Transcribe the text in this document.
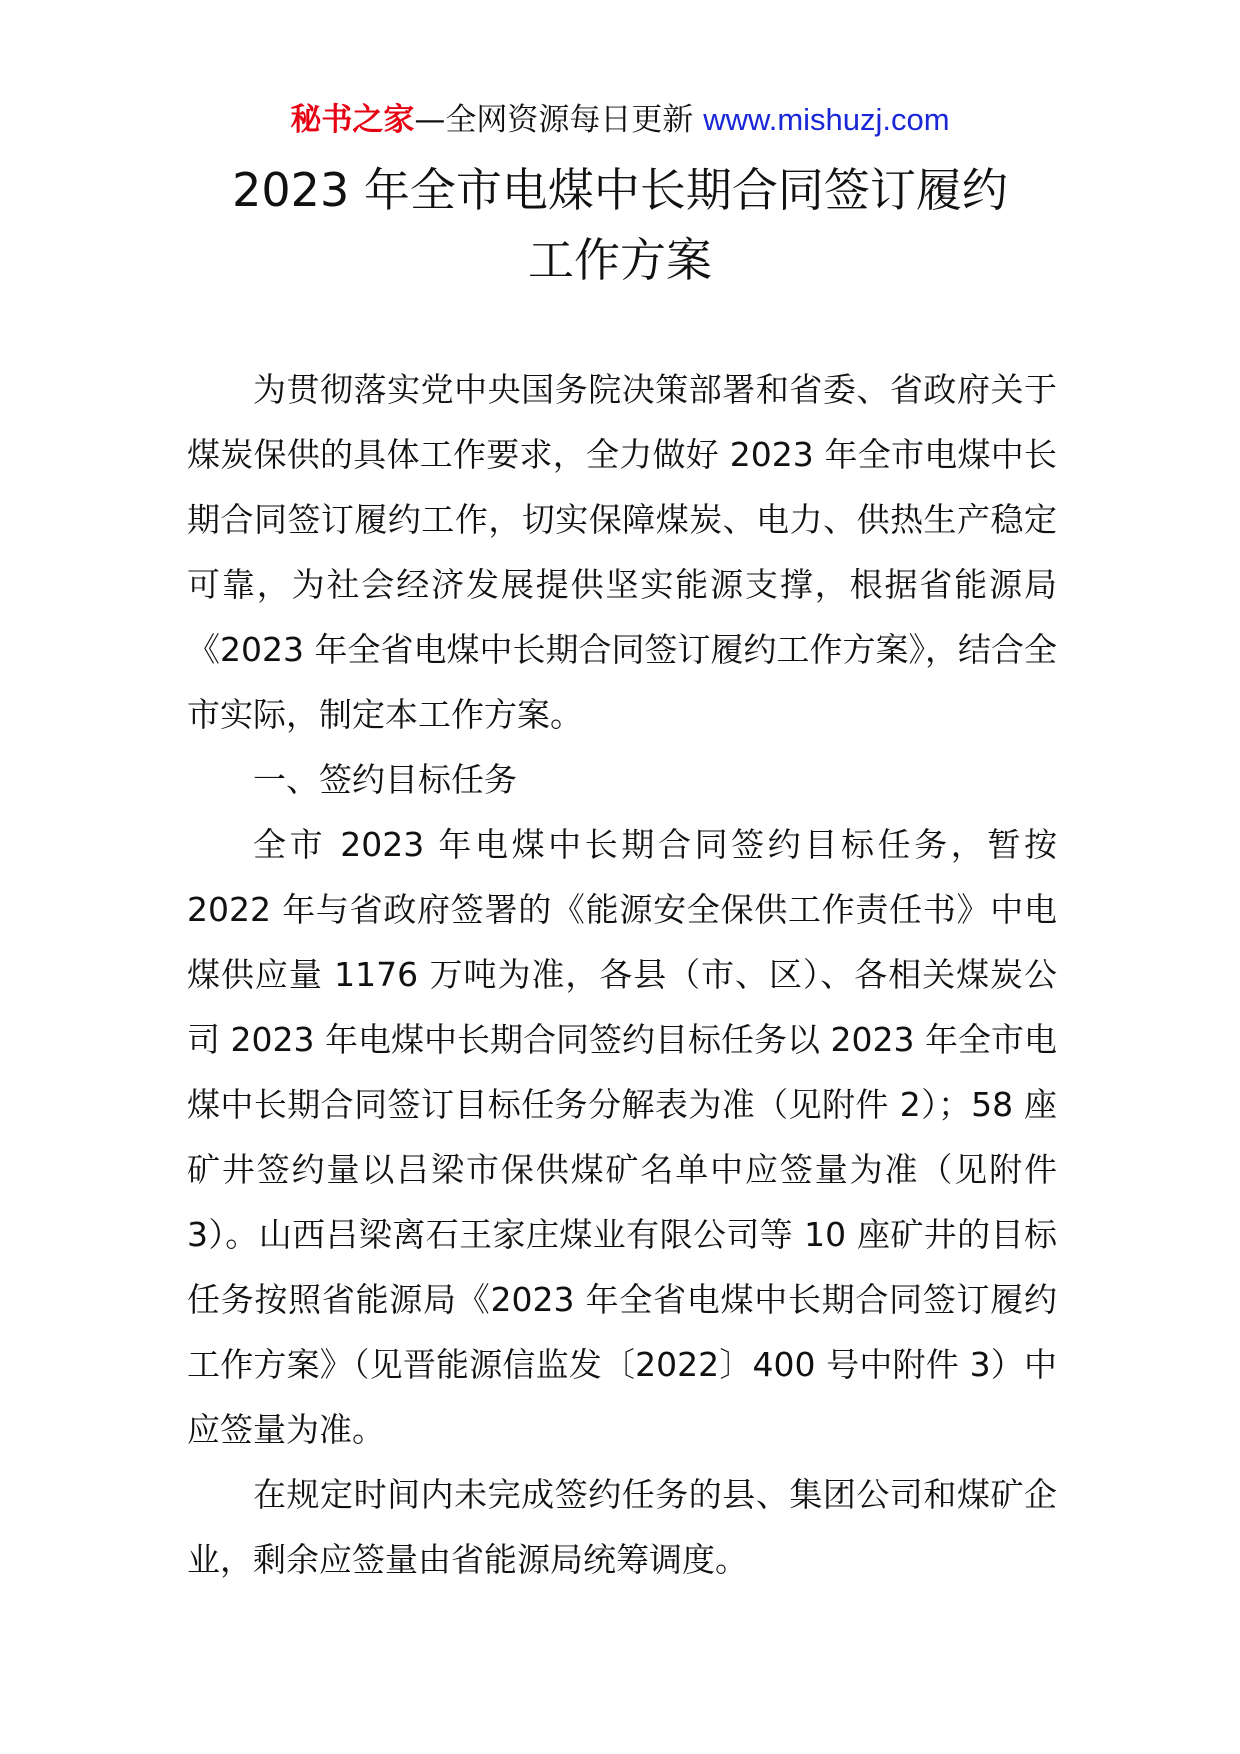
秘书之家—全网资源每日更新 www.mishuzj.com
2023 年全市电煤中长期合同签订履约
工作方案

为贯彻落实党中央国务院决策部署和省委、省政府关于煤炭保供的具体工作要求，全力做好 2023 年全市电煤中长期合同签订履约工作，切实保障煤炭、电力、供热生产稳定可靠，为社会经济发展提供坚实能源支撑，根据省能源局《2023 年全省电煤中长期合同签订履约工作方案》，结合全市实际，制定本工作方案。

一、签约目标任务

全市 2023 年电煤中长期合同签约目标任务，暂按 2022 年与省政府签署的《能源安全保供工作责任书》中电煤供应量 1176 万吨为准，各县（市、区）、各相关煤炭公司 2023 年电煤中长期合同签约目标任务以 2023 年全市电煤中长期合同签订目标任务分解表为准（见附件 2）；58 座矿井签约量以吕梁市保供煤矿名单中应签量为准（见附件 3）。山西吕梁离石王家庄煤业有限公司等 10 座矿井的目标任务按照省能源局《2023 年全省电煤中长期合同签订履约工作方案》（见晋能源信监发〔2022〕400 号中附件 3）中应签量为准。

在规定时间内未完成签约任务的县、集团公司和煤矿企业，剩余应签量由省能源局统筹调度。
